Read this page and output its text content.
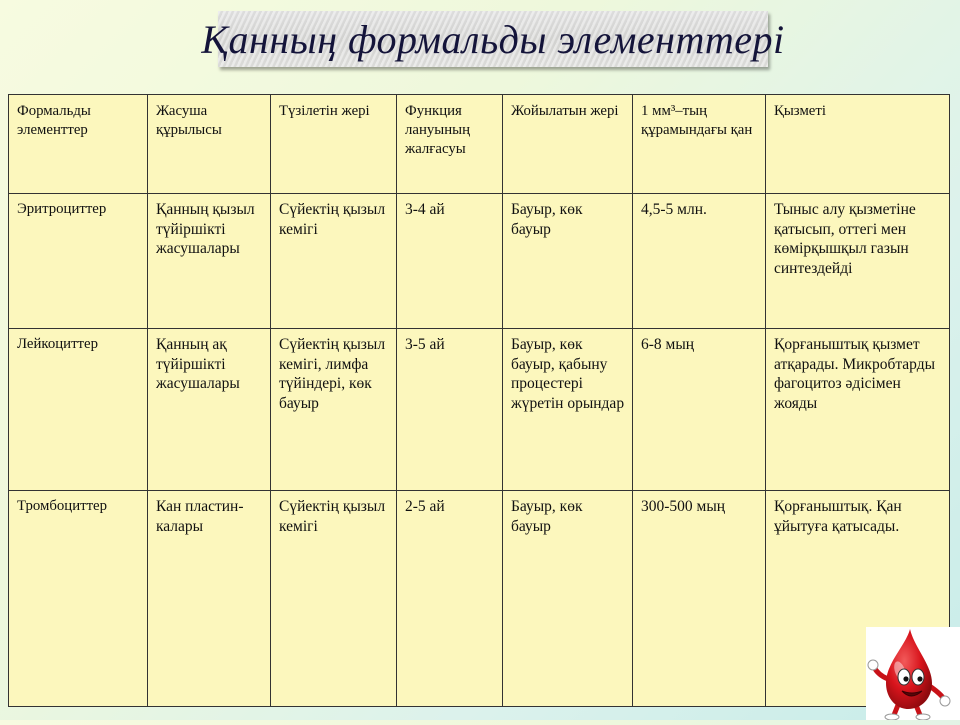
Қанның формальды элементтері
Формальды элементтер	Жасуша құрылысы	Түзілетін жері	Функция лануының жалғасуы	Жойылатын жері	1 мм³–тың құрамындағы қан	Қызметі
Эритроциттер	Қанның қызыл түйіршікті жасушалары	Сүйектің қызыл кемігі	3-4 ай	Бауыр, көк бауыр	4,5-5 млн.	Тыныс алу қызметіне қатысып, оттегі мен көмірқышқыл газын синтездейді
Лейкоциттер	Қанның ақ түйіршікті жасушалары	Сүйектің қызыл кемігі, лимфа түйіндері, көк бауыр	3-5 ай	Бауыр, көк бауыр, қабыну процестері жүретін орындар	6-8 мың	Қорғаныштық қызмет атқарады. Микробтарды фагоцитоз әдісімен жояды
Тромбоциттер	Кан пластин-калары	Сүйектің қызыл кемігі	2-5 ай	Бауыр, көк бауыр	300-500 мың	Қорғаныштық. Қан ұйытуға қатысады.
